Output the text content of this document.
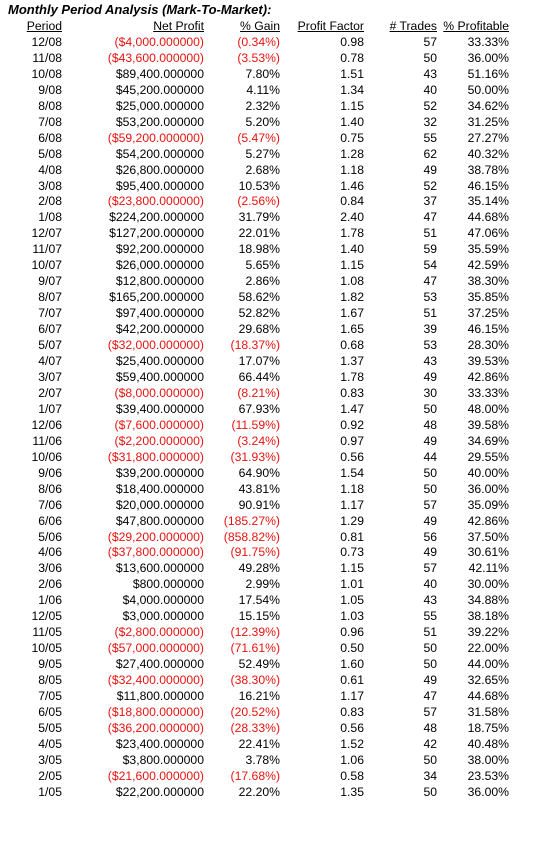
Monthly Period Analysis (Mark-To-Market):
Period	Net Profit	% Gain	Profit Factor	# Trades	% Profitable
12/08	($4,000.000000)	(0.34%)	0.98	57	33.33%
11/08	($43,600.000000)	(3.53%)	0.78	50	36.00%
10/08	$89,400.000000	7.80%	1.51	43	51.16%
9/08	$45,200.000000	4.11%	1.34	40	50.00%
8/08	$25,000.000000	2.32%	1.15	52	34.62%
7/08	$53,200.000000	5.20%	1.40	32	31.25%
6/08	($59,200.000000)	(5.47%)	0.75	55	27.27%
5/08	$54,200.000000	5.27%	1.28	62	40.32%
4/08	$26,800.000000	2.68%	1.18	49	38.78%
3/08	$95,400.000000	10.53%	1.46	52	46.15%
2/08	($23,800.000000)	(2.56%)	0.84	37	35.14%
1/08	$224,200.000000	31.79%	2.40	47	44.68%
12/07	$127,200.000000	22.01%	1.78	51	47.06%
11/07	$92,200.000000	18.98%	1.40	59	35.59%
10/07	$26,000.000000	5.65%	1.15	54	42.59%
9/07	$12,800.000000	2.86%	1.08	47	38.30%
8/07	$165,200.000000	58.62%	1.82	53	35.85%
7/07	$97,400.000000	52.82%	1.67	51	37.25%
6/07	$42,200.000000	29.68%	1.65	39	46.15%
5/07	($32,000.000000)	(18.37%)	0.68	53	28.30%
4/07	$25,400.000000	17.07%	1.37	43	39.53%
3/07	$59,400.000000	66.44%	1.78	49	42.86%
2/07	($8,000.000000)	(8.21%)	0.83	30	33.33%
1/07	$39,400.000000	67.93%	1.47	50	48.00%
12/06	($7,600.000000)	(11.59%)	0.92	48	39.58%
11/06	($2,200.000000)	(3.24%)	0.97	49	34.69%
10/06	($31,800.000000)	(31.93%)	0.56	44	29.55%
9/06	$39,200.000000	64.90%	1.54	50	40.00%
8/06	$18,400.000000	43.81%	1.18	50	36.00%
7/06	$20,000.000000	90.91%	1.17	57	35.09%
6/06	$47,800.000000	(185.27%)	1.29	49	42.86%
5/06	($29,200.000000)	(858.82%)	0.81	56	37.50%
4/06	($37,800.000000)	(91.75%)	0.73	49	30.61%
3/06	$13,600.000000	49.28%	1.15	57	42.11%
2/06	$800.000000	2.99%	1.01	40	30.00%
1/06	$4,000.000000	17.54%	1.05	43	34.88%
12/05	$3,000.000000	15.15%	1.03	55	38.18%
11/05	($2,800.000000)	(12.39%)	0.96	51	39.22%
10/05	($57,000.000000)	(71.61%)	0.50	50	22.00%
9/05	$27,400.000000	52.49%	1.60	50	44.00%
8/05	($32,400.000000)	(38.30%)	0.61	49	32.65%
7/05	$11,800.000000	16.21%	1.17	47	44.68%
6/05	($18,800.000000)	(20.52%)	0.83	57	31.58%
5/05	($36,200.000000)	(28.33%)	0.56	48	18.75%
4/05	$23,400.000000	22.41%	1.52	42	40.48%
3/05	$3,800.000000	3.78%	1.06	50	38.00%
2/05	($21,600.000000)	(17.68%)	0.58	34	23.53%
1/05	$22,200.000000	22.20%	1.35	50	36.00%
